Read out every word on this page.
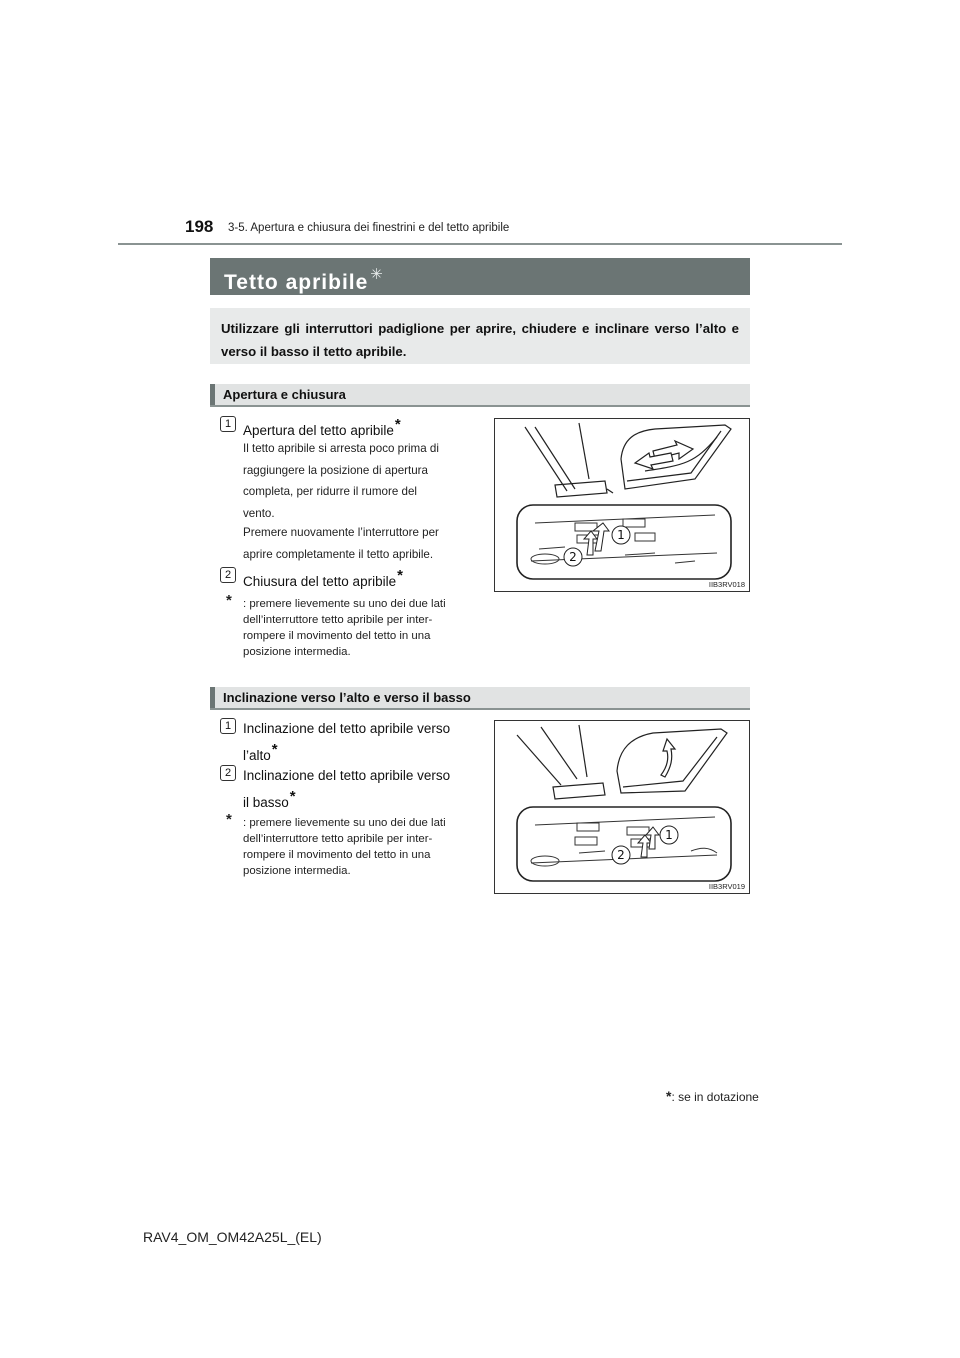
198 3-5. Apertura e chiusura dei finestrini e del tetto apribile
Tetto apribile ✳

Utilizzare gli interruttori padiglione per aprire, chiudere e inclinare verso l’alto e verso il basso il tetto apribile.

Apertura e chiusura
1 Apertura del tetto apribile*
Il tetto apribile si arresta poco prima di
raggiungere la posizione di apertura
completa, per ridurre il rumore del
vento.
Premere nuovamente l’interruttore per
aprire completamente il tetto apribile.
2 Chiusura del tetto apribile*
* : premere lievemente su uno dei due lati
dell’interruttore tetto apribile per inter-
rompere il movimento del tetto in una
posizione intermedia.
1
2
IIB3RV018
Inclinazione verso l’alto e verso il basso
1 Inclinazione del tetto apribile verso
l’alto*
2 Inclinazione del tetto apribile verso
il basso*
* : premere lievemente su uno dei due lati
dell’interruttore tetto apribile per inter-
rompere il movimento del tetto in una
posizione intermedia.
1
2
IIB3RV019
*: se in dotazione
RAV4_OM_OM42A25L_(EL)
